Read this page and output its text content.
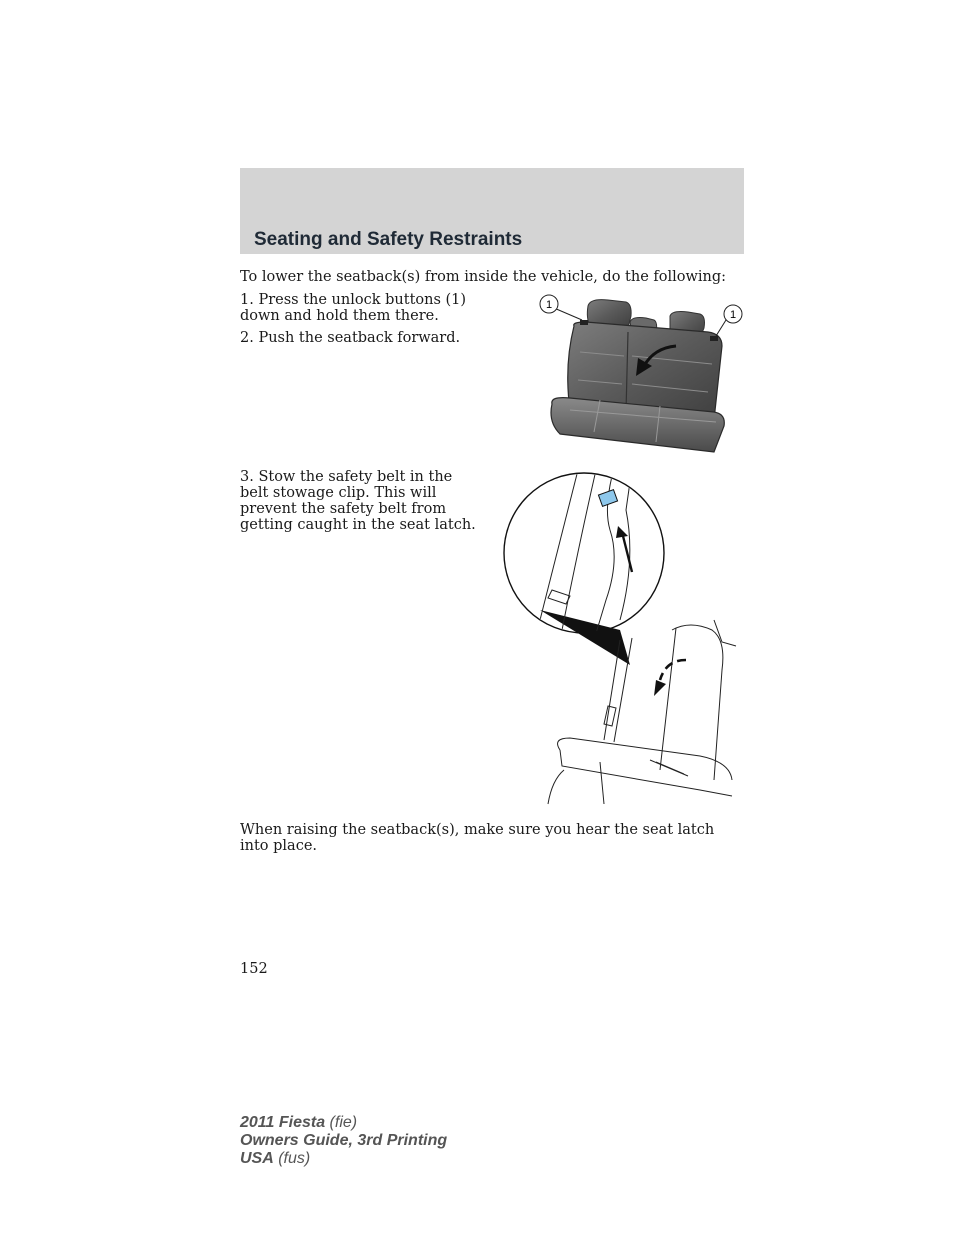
Seating and Safety Restraints

To lower the seatback(s) from inside the vehicle, do the following:

1. Press the unlock buttons (1) down and hold them there.

2. Push the seatback forward.

1
1

3. Stow the safety belt in the belt stowage clip. This will prevent the safety belt from getting caught in the seat latch.

When raising the seatback(s), make sure you hear the seat latch into place.

152

2011 Fiesta (fie)
Owners Guide, 3rd Printing
USA (fus)
